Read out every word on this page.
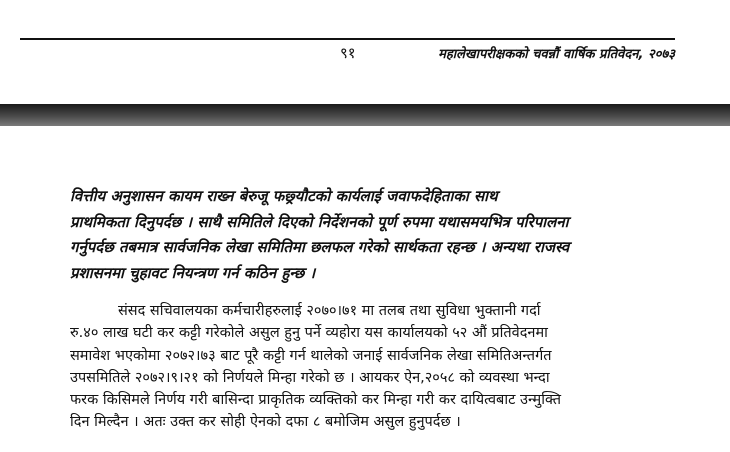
९१	महालेखापरीक्षकको चवन्नौं वार्षिक प्रतिवेदन, २०७३

वित्तीय अनुशासन कायम राख्न बेरुजू फछ्र्यौटको कार्यलाई जवाफदेहिताका साथ
प्राथमिकता दिनुपर्दछ । साथै समितिले दिएको निर्देशनको पूर्ण रुपमा यथासमयभित्र परिपालना
गर्नुपर्दछ तबमात्र सार्वजनिक लेखा समितिमा छलफल गरेको सार्थकता रहन्छ । अन्यथा राजस्व
प्रशासनमा चुहावट नियन्त्रण गर्न कठिन हुन्छ ।

संसद सचिवालयका कर्मचारीहरुलाई २०७०।७१ मा तलब तथा सुविधा भुक्तानी गर्दा
रु.४० लाख घटी कर कट्टी गरेकोले असुल हुनु पर्ने व्यहोरा यस कार्यालयको ५२ औं प्रतिवेदनमा
समावेश भएकोमा २०७२।७३ बाट पूरै कट्टी गर्न थालेको जनाई सार्वजनिक लेखा समितिअन्तर्गत
उपसमितिले २०७२।९।२१ को निर्णयले मिन्हा गरेको छ । आयकर ऐन,२०५८ को व्यवस्था भन्दा
फरक किसिमले निर्णय गरी बासिन्दा प्राकृतिक व्यक्तिको कर मिन्हा गरी कर दायित्वबाट उन्मुक्ति
दिन मिल्दैन । अतः उक्त कर सोही ऐनको दफा ८ बमोजिम असुल हुनुपर्दछ ।
